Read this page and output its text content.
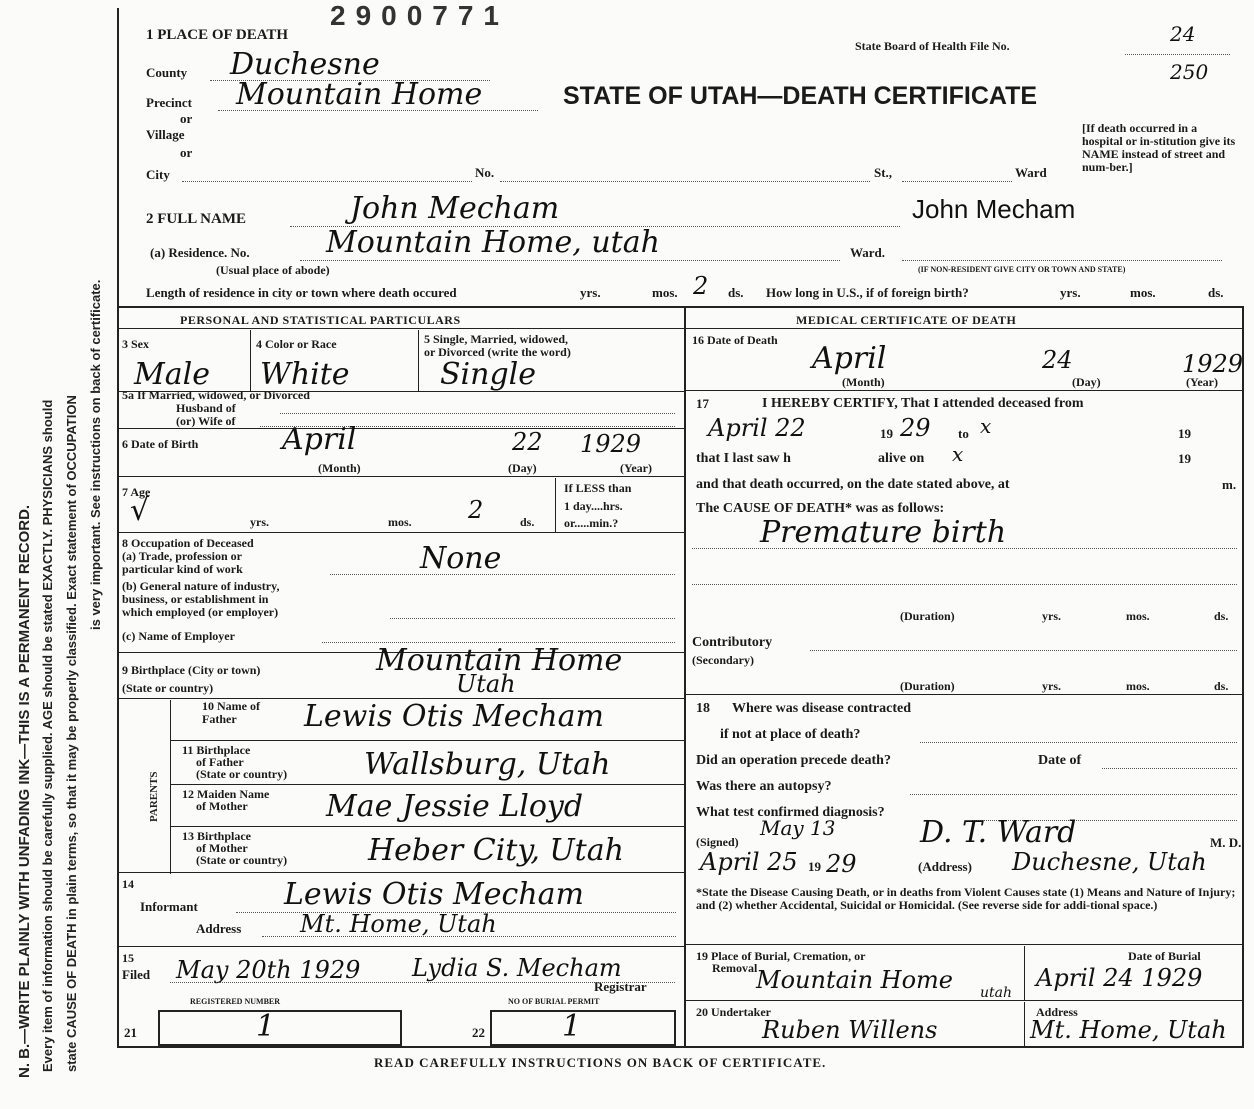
N. B.—WRITE PLAINLY WITH UNFADING INK—THIS IS A PERMANENT RECORD. Every item of information should be carefully supplied. AGE should be stated EXACTLY. PHYSICIANS should state CAUSE OF DEATH in plain terms, so that it may be properly classified. Exact statement of OCCUPATION is very important. See instructions on back of certificate.
2900771
1 PLACE OF DEATH
State Board of Health File No.	24
250
STATE OF UTAH—DEATH CERTIFICATE
[If death occurred in a hospital or in-stitution give its NAME instead of street and num-ber.]
County Duchesne
Precinct Mountain Home
or
Village
or
City	No.	St.,	Ward
2 FULL NAME	John Mecham	John Mecham
(a) Residence. No.	Mountain Home, utah	Ward.
(Usual place of abode)	(IF NON-RESIDENT GIVE CITY OR TOWN AND STATE)
Length of residence in city or town where death occured	yrs.	mos. 2 ds. How long in U.S., if of foreign birth?	yrs.	mos.	ds.
PERSONAL AND STATISTICAL PARTICULARS
3 Sex
Male
4 Color or Race
White
5 Single, Married, widowed,
or Divorced (write the word)
Single
5a If Married, widowed, or Divorced
Husband of
(or) Wife of
6 Date of Birth	April	22 1929
(Month)	(Day)	(Year)
7 Age
√	yrs.	mos. 2	ds.
If LESS than
1 day....hrs.
or.....min.?
8 Occupation of Deceased
(a) Trade, profession or
particular kind of work	None
(b) General nature of industry,
business, or establishment in
which employed (or employer)
(c) Name of Employer
9 Birthplace (City or town)
(State or country)
Mountain Home
Utah
PARENTS
10 Name of
Father Lewis Otis Mecham
11 Birthplace
of Father
(State or country)	Wallsburg, Utah
12 Maiden Name
of Mother	Mae Jessie Lloyd
13 Birthplace
of Mother
(State or country)	Heber City, Utah
14
Informant	Lewis Otis Mecham
Address Mt. Home, Utah
15
Filed May 20th 1929 Lydia S. Mecham
Registrar
REGISTERED NUMBER	NO OF BURIAL PERMIT
21	1	22	1
MEDICAL CERTIFICATE OF DEATH
16 Date of Death
April	24	1929
(Month)	(Day)	(Year)
17	I HEREBY CERTIFY, That I attended deceased from
April 22	19 29 to x	19
that I last saw h	alive on x	19
and that death occurred, on the date stated above, at	m.
The CAUSE OF DEATH* was as follows:
Premature birth
(Duration)	yrs.	mos.	ds.
Contributory
(Secondary)
(Duration)	yrs.	mos.	ds.
18 Where was disease contracted
if not at place of death?
Did an operation precede death?	Date of
Was there an autopsy?
What test confirmed diagnosis?
(Signed)
May 13	D. T. Ward	M. D.
April 25 19 29	(Address) Duchesne, Utah
*State the Disease Causing Death, or in deaths from Violent Causes state (1) Means and Nature of Injury; and (2) whether Accidental, Suicidal or Homicidal. (See reverse side for addi-tional space.)
19 Place of Burial, Cremation, or
Removal
Mountain Home utah
Date of Burial
April 24 1929
20 Undertaker	Address
Ruben Willens	Mt. Home, Utah
READ CAREFULLY INSTRUCTIONS ON BACK OF CERTIFICATE.
